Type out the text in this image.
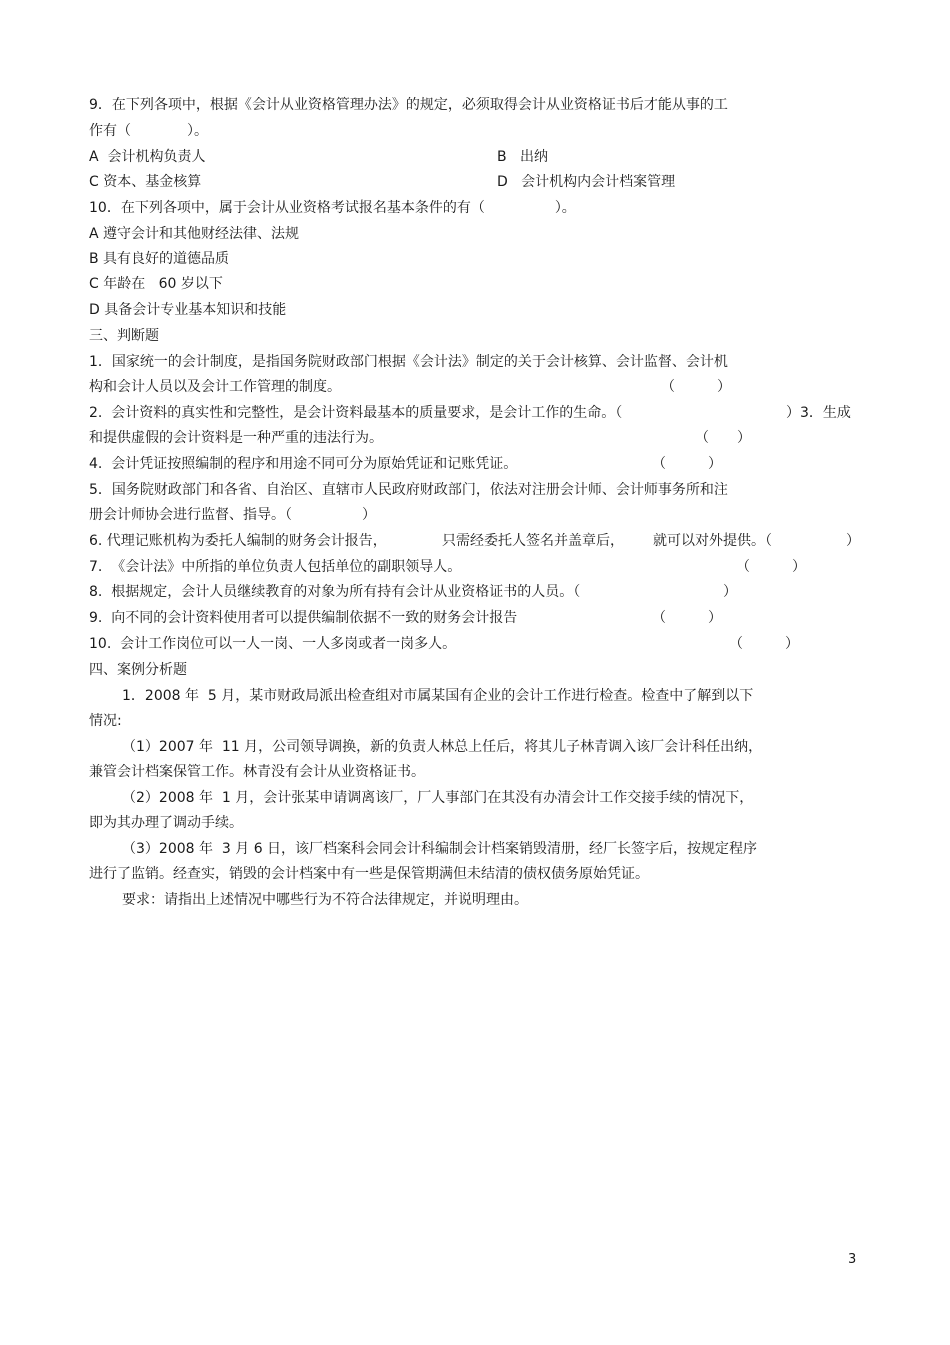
9．在下列各项中，根据《会计从业资格管理办法》的规定，必须取得会计从业资格证书后才能从事的工
作有（　　　　）。
A  会计机构负责人	B   出纳
C 资本、基金核算	D   会计机构内会计档案管理
10．在下列各项中，属于会计从业资格考试报名基本条件的有（　　　　　）。
A 遵守会计和其他财经法律、法规
B 具有良好的道德品质
C 年龄在   60 岁以下
D 具备会计专业基本知识和技能
三、判断题
1．国家统一的会计制度，是指国务院财政部门根据《会计法》制定的关于会计核算、会计监督、会计机
构和会计人员以及会计工作管理的制度。	（　　　）
2.  会计资料的真实性和完整性，是会计资料最基本的质量要求，是会计工作的生命。（	）3．生成
和提供虚假的会计资料是一种严重的违法行为。	（　　）
4.  会计凭证按照编制的程序和用途不同可分为原始凭证和记账凭证。	（　　　）
5．国务院财政部门和各省、自治区、直辖市人民政府财政部门，依法对注册会计师、会计师事务所和注
册会计师协会进行监督、指导。（　　　　　）
6. 代理记账机构为委托人编制的财务会计报告，	只需经委托人签名并盖章后， 就可以对外提供。（	）
7.  《会计法》中所指的单位负责人包括单位的副职领导人。	（　　　）
8.  根据规定，会计人员继续教育的对象为所有持有会计从业资格证书的人员。（	）
9.  向不同的会计资料使用者可以提供编制依据不一致的财务会计报告	（　　　）
10.  会计工作岗位可以一人一岗、一人多岗或者一岗多人。	（　　　）
四、案例分析题
1．2008 年  5 月，某市财政局派出检查组对市属某国有企业的会计工作进行检查。检查中了解到以下
情况:
（1）2007 年  11 月，公司领导调换，新的负责人林总上任后，将其儿子林青调入该厂会计科任出纳，
兼管会计档案保管工作。林青没有会计从业资格证书。
（2）2008 年  1 月，会计张某申请调离该厂，厂人事部门在其没有办清会计工作交接手续的情况下，
即为其办理了调动手续。
（3）2008 年  3 月 6 日，该厂档案科会同会计科编制会计档案销毁清册，经厂长签字后，按规定程序
进行了监销。经查实，销毁的会计档案中有一些是保管期满但未结清的债权债务原始凭证。
要求：请指出上述情况中哪些行为不符合法律规定，并说明理由。
3
